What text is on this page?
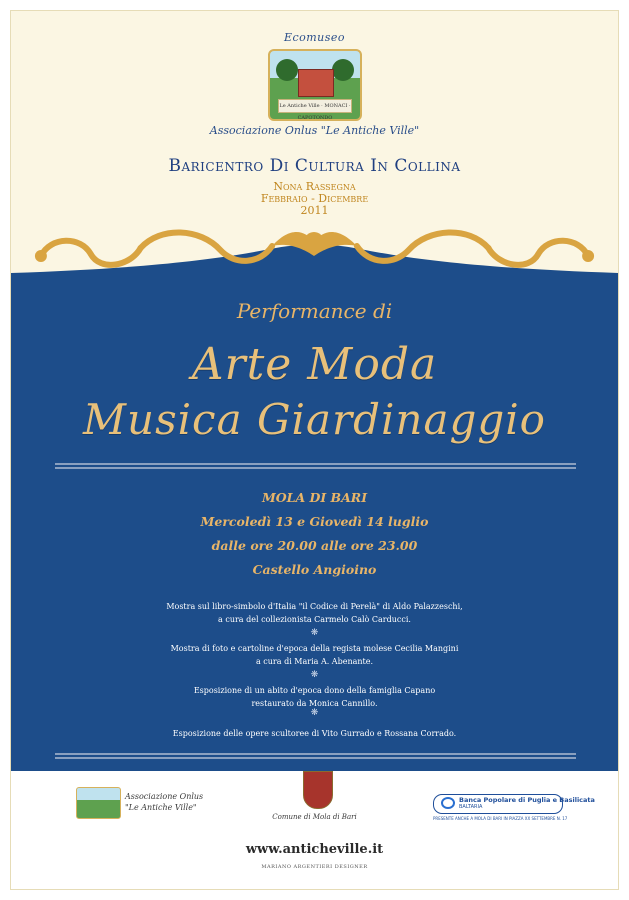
Ecomuseo
Le Antiche Ville · MONACI · CAPOTONDO
Associazione Onlus "Le Antiche Ville"
Baricentro Di Cultura In Collina
Nona Rassegna
Febbraio - Dicembre
2011
Performance di
Arte Moda
Musica Giardinaggio
MOLA DI BARI
Mercoledì 13 e Giovedì 14 luglio
dalle ore 20.00 alle ore 23.00
Castello Angioino
Mostra sul libro-simbolo d'Italia "il Codice di Perelà" di Aldo Palazzeschi,
a cura del collezionista Carmelo Calò Carducci.
❋
Mostra di foto e cartoline d'epoca della regista molese Cecilia Mangini
a cura di Maria A. Abenante.
❋
Esposizione di un abito d'epoca dono della famiglia Capano
restaurato da Monica Cannillo.
❋
Esposizione delle opere scultoree di Vito Gurrado e Rossana Corrado.
Associazione Onlus
"Le Antiche Ville"
Comune di Mola di Bari
Banca Popolare di Puglia e Basilicata
BALTARIA
PRESENTE ANCHE A MOLA DI BARI IN PIAZZA XX SETTEMBRE N. 17
www.anticheville.it
MARIANO ARGENTIERI DESIGNER
